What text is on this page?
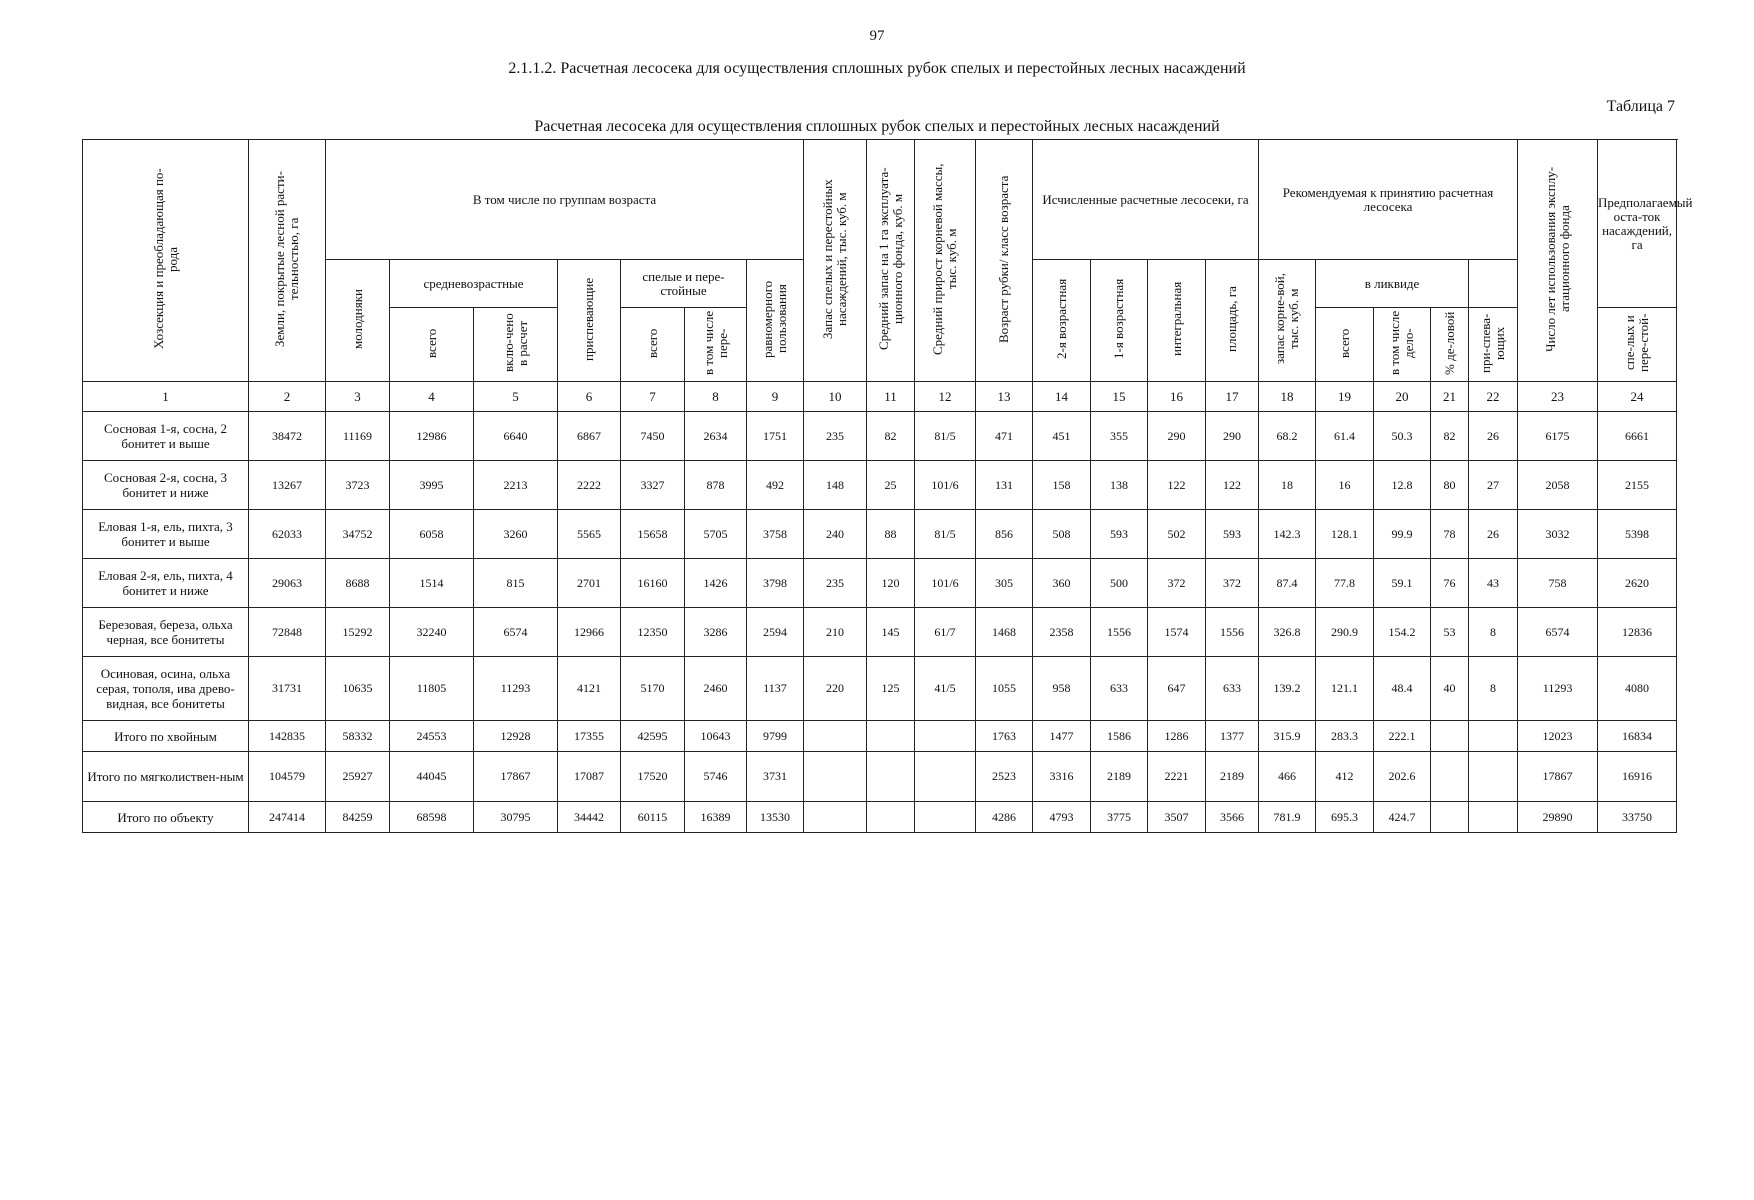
97
2.1.1.2. Расчетная лесосека для осуществления сплошных рубок спелых и перестойных лесных насаждений
Таблица 7
Расчетная лесосека для осуществления сплошных рубок спелых и перестойных лесных насаждений
Хозсекция и преобладающая по-рода	Земли, покрытые лесной расти-тельностью, га	В том числе по группам возраста							Запас спелых и перестойных насаждений, тыс. куб. м	Средний запас на 1 га эксплуата-ционного фонда, куб. м	Средний прирост корневой массы, тыс. куб. м	Возраст рубки/ класс возраста	Исчисленные расчетные лесосеки, га				Рекомендуемая к принятию расчетная лесосека					Число лет использования эксплу-атационного фонда	Предполагаемый оста-ток насаждений, га
		молодняки	средневозрастные		приспевающие	спелые и пере-стойные		равномерного пользования					2-я возрастная	1-я возрастная	интегральная	площадь, га	запас корне-вой, тыс. куб. м	в ликвиде					
			всего	вклю-чено в расчет		всего	в том числе пере-											всего	в том числе дело-	% де-ловой	при-спева-ющих		спе-лых и пере-стой-
1	2	3	4	5	6	7	8	9	10	11	12	13	14	15	16	17	18	19	20	21	22	23	24
Сосновая 1-я, сосна, 2 бонитет и выше	38472	11169	12986	6640	6867	7450	2634	1751	235	82	81/5	471	451	355	290	290	68.2	61.4	50.3	82	26	6175	6661
Сосновая 2-я, сосна, 3 бонитет и ниже	13267	3723	3995	2213	2222	3327	878	492	148	25	101/6	131	158	138	122	122	18	16	12.8	80	27	2058	2155
Еловая 1-я, ель, пихта, 3 бонитет и выше	62033	34752	6058	3260	5565	15658	5705	3758	240	88	81/5	856	508	593	502	593	142.3	128.1	99.9	78	26	3032	5398
Еловая 2-я, ель, пихта, 4 бонитет и ниже	29063	8688	1514	815	2701	16160	1426	3798	235	120	101/6	305	360	500	372	372	87.4	77.8	59.1	76	43	758	2620
Березовая, береза, ольха черная, все бонитеты	72848	15292	32240	6574	12966	12350	3286	2594	210	145	61/7	1468	2358	1556	1574	1556	326.8	290.9	154.2	53	8	6574	12836
Осиновая, осина, ольха серая, тополя, ива древо-видная, все бонитеты	31731	10635	11805	11293	4121	5170	2460	1137	220	125	41/5	1055	958	633	647	633	139.2	121.1	48.4	40	8	11293	4080
Итого по хвойным	142835	58332	24553	12928	17355	42595	10643	9799				1763	1477	1586	1286	1377	315.9	283.3	222.1			12023	16834
Итого по мягколиствен-ным	104579	25927	44045	17867	17087	17520	5746	3731				2523	3316	2189	2221	2189	466	412	202.6			17867	16916
Итого по объекту	247414	84259	68598	30795	34442	60115	16389	13530				4286	4793	3775	3507	3566	781.9	695.3	424.7			29890	33750
